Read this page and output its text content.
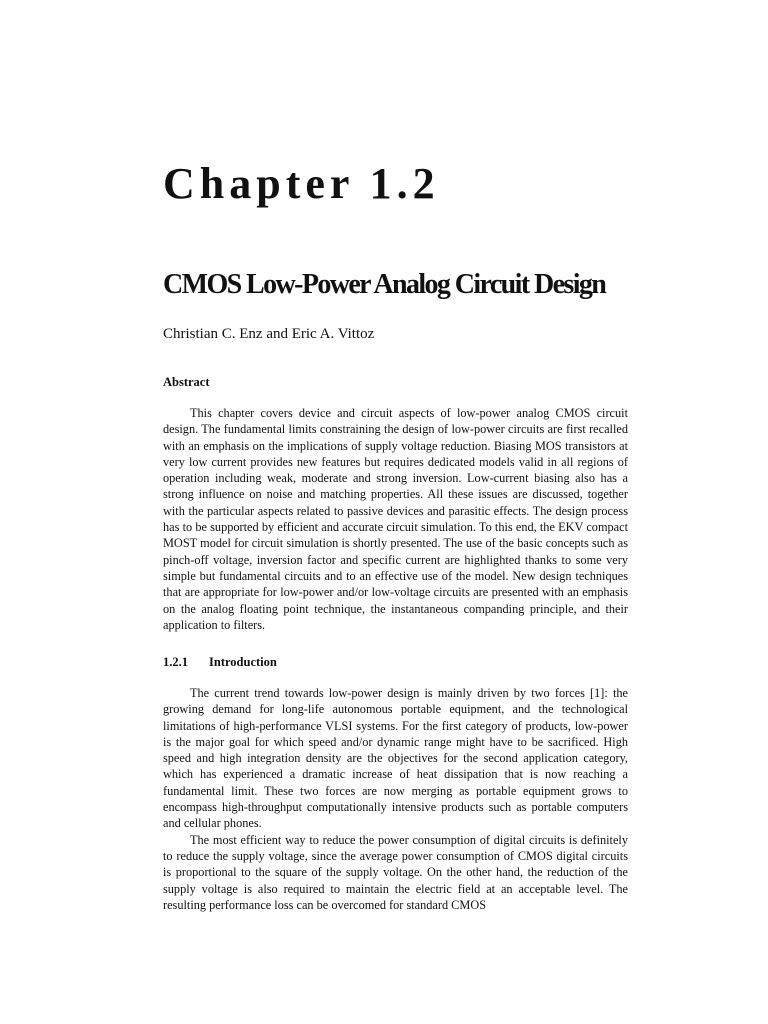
Chapter 1.2
CMOS Low-Power Analog Circuit Design

Christian C. Enz and Eric A. Vittoz

Abstract

This chapter covers device and circuit aspects of low-power analog CMOS circuit design. The fundamental limits constraining the design of low-power circuits are first recalled with an emphasis on the implications of supply voltage reduction. Biasing MOS transistors at very low current provides new features but requires dedicated models valid in all regions of operation including weak, moderate and strong inversion. Low-current biasing also has a strong influence on noise and matching properties. All these issues are discussed, together with the particular aspects related to passive devices and parasitic effects. The design process has to be supported by efficient and accurate circuit simulation. To this end, the EKV compact MOST model for circuit simulation is shortly presented. The use of the basic concepts such as pinch-off voltage, inversion factor and specific current are highlighted thanks to some very simple but fundamental circuits and to an effective use of the model. New design techniques that are appropriate for low-power and/or low-voltage circuits are presented with an emphasis on the analog floating point technique, the instantaneous companding principle, and their application to filters.

1.2.1 Introduction

The current trend towards low-power design is mainly driven by two forces [1]: the growing demand for long-life autonomous portable equipment, and the technological limitations of high-performance VLSI systems. For the first category of products, low-power is the major goal for which speed and/or dynamic range might have to be sacrificed. High speed and high integration density are the objectives for the second application category, which has experienced a dramatic increase of heat dissipation that is now reaching a fundamental limit. These two forces are now merging as portable equipment grows to encompass high-throughput computationally intensive products such as portable computers and cellular phones.

The most efficient way to reduce the power consumption of digital circuits is definitely to reduce the supply voltage, since the average power consumption of CMOS digital circuits is proportional to the square of the supply voltage. On the other hand, the reduction of the supply voltage is also required to maintain the electric field at an acceptable level. The resulting performance loss can be overcomed for standard CMOS
